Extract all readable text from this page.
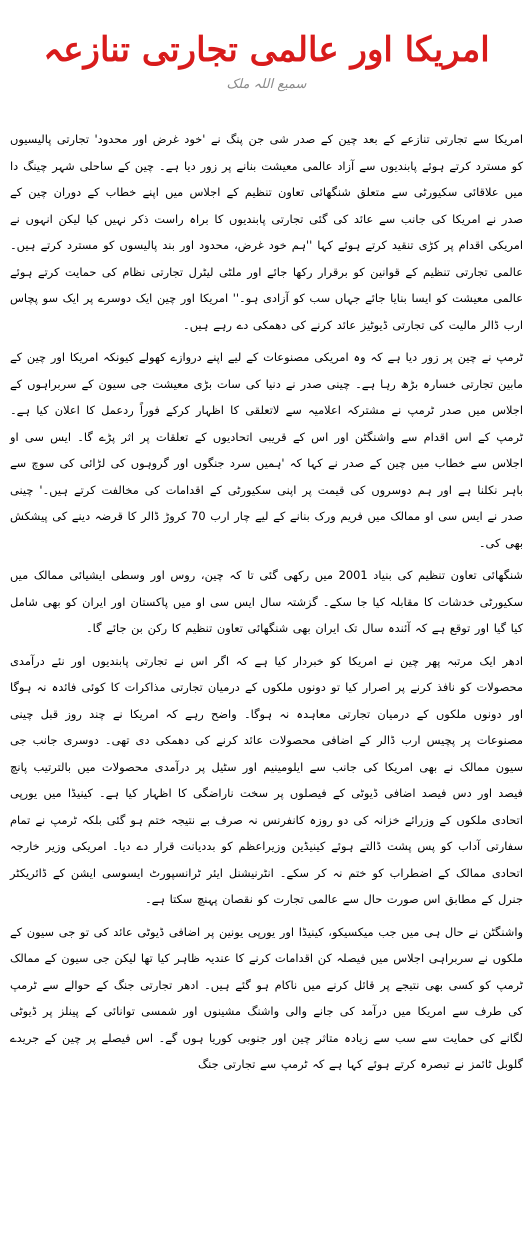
امریکا اور عالمی تجارتی تنازعہ
سمیع اللہ ملک

امریکا سے تجارتی تنازعے کے بعد چین کے صدر شی جن پنگ نے 'خود غرض اور محدود' تجارتی پالیسیوں کو مسترد کرتے ہوئے پابندیوں سے آزاد عالمی معیشت بنانے پر زور دیا ہے۔ چین کے ساحلی شہر چینگ دا میں علاقائی سکیورٹی سے متعلق شنگھائی تعاون تنظیم کے اجلاس میں اپنے خطاب کے دوران چین کے صدر نے امریکا کی جانب سے عائد کی گئی تجارتی پابندیوں کا براہ راست ذکر نہیں کیا لیکن انہوں نے امریکی اقدام پر کڑی تنقید کرتے ہوئے کہا ''ہم خود غرض، محدود اور بند پالیسوں کو مسترد کرتے ہیں۔ عالمی تجارتی تنظیم کے قوانین کو برقرار رکھا جائے اور ملٹی لیٹرل تجارتی نظام کی حمایت کرتے ہوئے عالمی معیشت کو ایسا بنایا جائے جہاں سب کو آزادی ہو۔'' امریکا اور چین ایک دوسرے پر ایک سو پچاس ارب ڈالر مالیت کی تجارتی ڈیوٹیز عائد کرنے کی دھمکی دے رہے ہیں۔

ٹرمپ نے چین پر زور دیا ہے کہ وہ امریکی مصنوعات کے لیے اپنے دروازے کھولے کیونکہ امریکا اور چین کے مابین تجارتی خسارہ بڑھ رہا ہے۔ چینی صدر نے دنیا کی سات بڑی معیشت جی سیون کے سربراہوں کے اجلاس میں صدر ٹرمپ نے مشترکہ اعلامیہ سے لاتعلقی کا اظہار کرکے فوراً ردعمل کا اعلان کیا ہے۔ ٹرمپ کے اس اقدام سے واشنگٹن اور اس کے قریبی اتحادیوں کے تعلقات پر اثر پڑے گا۔ ایس سی او اجلاس سے خطاب میں چین کے صدر نے کہا کہ 'ہمیں سرد جنگوں اور گروہوں کی لڑائی کی سوچ سے باہر نکلنا ہے اور ہم دوسروں کی قیمت پر اپنی سکیورٹی کے اقدامات کی مخالفت کرتے ہیں۔' چینی صدر نے ایس سی او ممالک میں فریم ورک بنانے کے لیے چار ارب 70 کروڑ ڈالر کا قرضہ دینے کی پیشکش بھی کی۔

شنگھائی تعاون تنظیم کی بنیاد 2001 میں رکھی گئی تا کہ چین، روس اور وسطی ایشیائی ممالک میں سکیورٹی خدشات کا مقابلہ کیا جا سکے۔ گزشتہ سال ایس سی او میں پاکستان اور ایران کو بھی شامل کیا گیا اور توقع ہے کہ آئندہ سال تک ایران بھی شنگھائی تعاون تنظیم کا رکن بن جائے گا۔

ادھر ایک مرتبہ پھر چین نے امریکا کو خبردار کیا ہے کہ اگر اس نے تجارتی پابندیوں اور نئے درآمدی محصولات کو نافذ کرنے پر اصرار کیا تو دونوں ملکوں کے درمیان تجارتی مذاکرات کا کوئی فائدہ نہ ہوگا اور دونوں ملکوں کے درمیان تجارتی معاہدہ نہ ہوگا۔ واضح رہے کہ امریکا نے چند روز قبل چینی مصنوعات پر پچیس ارب ڈالر کے اضافی محصولات عائد کرنے کی دھمکی دی تھی۔ دوسری جانب جی سیون ممالک نے بھی امریکا کی جانب سے ایلومینیم اور سٹیل پر درآمدی محصولات میں بالترتیب پانچ فیصد اور دس فیصد اضافی ڈیوٹی کے فیصلوں پر سخت ناراضگی کا اظہار کیا ہے۔ کینیڈا میں یورپی اتحادی ملکوں کے وزرائے خزانہ کی دو روزہ کانفرنس نہ صرف بے نتیجہ ختم ہو گئی بلکہ ٹرمپ نے تمام سفارتی آداب کو پس پشت ڈالتے ہوئے کینیڈین وزیراعظم کو بددیانت قرار دے دیا۔ امریکی وزیر خارجہ اتحادی ممالک کے اضطراب کو ختم نہ کر سکے۔ انٹرنیشنل ایئر ٹرانسپورٹ ایسوسی ایشن کے ڈائریکٹر جنرل کے مطابق اس صورت حال سے عالمی تجارت کو نقصان پہنچ سکتا ہے۔

واشنگٹن نے حال ہی میں جب میکسیکو، کینیڈا اور یورپی یونین پر اضافی ڈیوٹی عائد کی تو جی سیون کے ملکوں نے سربراہی اجلاس میں فیصلہ کن اقدامات کرنے کا عندیہ ظاہر کیا تھا لیکن جی سیون کے ممالک ٹرمپ کو کسی بھی نتیجے پر قائل کرنے میں ناکام ہو گئے ہیں۔ ادھر تجارتی جنگ کے حوالے سے ٹرمپ کی طرف سے امریکا میں درآمد کی جانے والی واشنگ مشینوں اور شمسی توانائی کے پینلز پر ڈیوٹی لگانے کی حمایت سے سب سے زیادہ متاثر چین اور جنوبی کوریا ہوں گے۔ اس فیصلے پر چین کے جریدے گلوبل ٹائمز نے تبصرہ کرتے ہوئے کہا ہے کہ ٹرمپ سے تجارتی جنگ
